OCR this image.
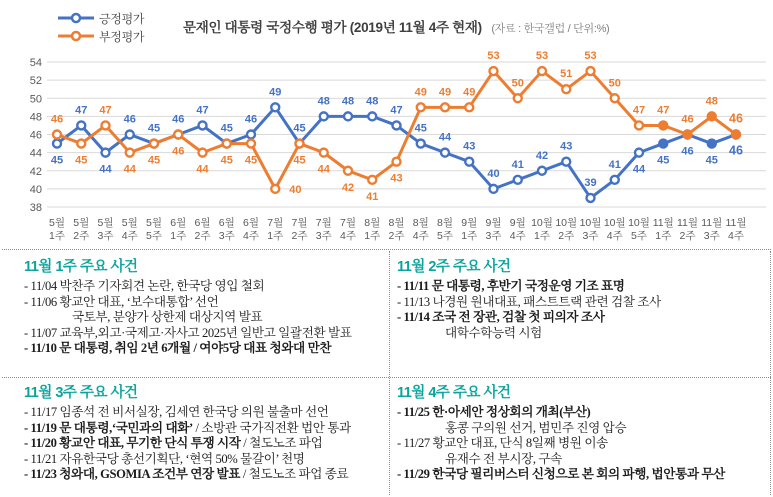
긍정평가
부정평가
문재인 대통령 국정수행 평가 (2019년 11월 4주 현재) (자료 : 한국갤럽 / 단위:%)
38
40
42
44
46
48
50
52
54
5월
1주
5월
2주
5월
3주
5월
4주
5월
5주
6월
1주
6월
2주
6월
3주
6월
4주
7월
1주
7월
2주
7월
3주
7월
4주
8월
1주
8월
2주
8월
4주
8월
5주
9월
1주
9월
3주
9월
4주
10월
1주
10월
2주
10월
3주
10월
4주
10월
5주
11월
1주
11월
2주
11월
3주
11월
4주
45
47
44
46
45
46
47
45
46
49
45
48 48 48
47
45
44
43
40
41
42
43
39
41 44
45
46
45
46
46
45
47
44
45
46
44
45 45
40
45
44
42
41
43
49 49 49
53
50
53
51
53
50
47 47
46
48
46
11월 1주 주요 사건
- 11/04 박찬주 기자회견 논란, 한국당 영입 철회
- 11/06 황교안 대표, ‘보수대통합’ 선언
국토부, 분양가 상한제 대상지역 발표
- 11/07 교육부,외고·국제고·자사고 2025년 일반고 일괄전환 발표
- 11/10 문 대통령, 취임 2년 6개월 / 여야5당 대표 청와대 만찬
11월 2주 주요 사건
- 11/11 문 대통령, 후반기 국정운영 기조 표명
- 11/13 나경원 원내대표, 패스트트랙 관련 검찰 조사
- 11/14 조국 전 장관, 검찰 첫 피의자 조사
대학수학능력 시험
11월 3주 주요 사건
- 11/17 임종석 전 비서실장, 김세연 한국당 의원 불출마 선언
- 11/19 문 대통령,‘국민과의 대화’ / 소방관 국가직전환 법안 통과
- 11/20 황교안 대표, 무기한 단식 투쟁 시작 / 철도노조 파업
- 11/21 자유한국당 총선기획단, ‘현역 50% 물갈이’ 천명
- 11/23 청와대, GSOMIA 조건부 연장 발표 / 철도노조 파업 종료
11월 4주 주요 사건
- 11/25 한·아세안 정상회의 개최(부산)
홍콩 구의원 선거, 범민주 진영 압승
- 11/27 황교안 대표, 단식 8일째 병원 이송
유재수 전 부시장, 구속
- 11/29 한국당 필리버스터 신청으로 본 회의 파행, 법안통과 무산
